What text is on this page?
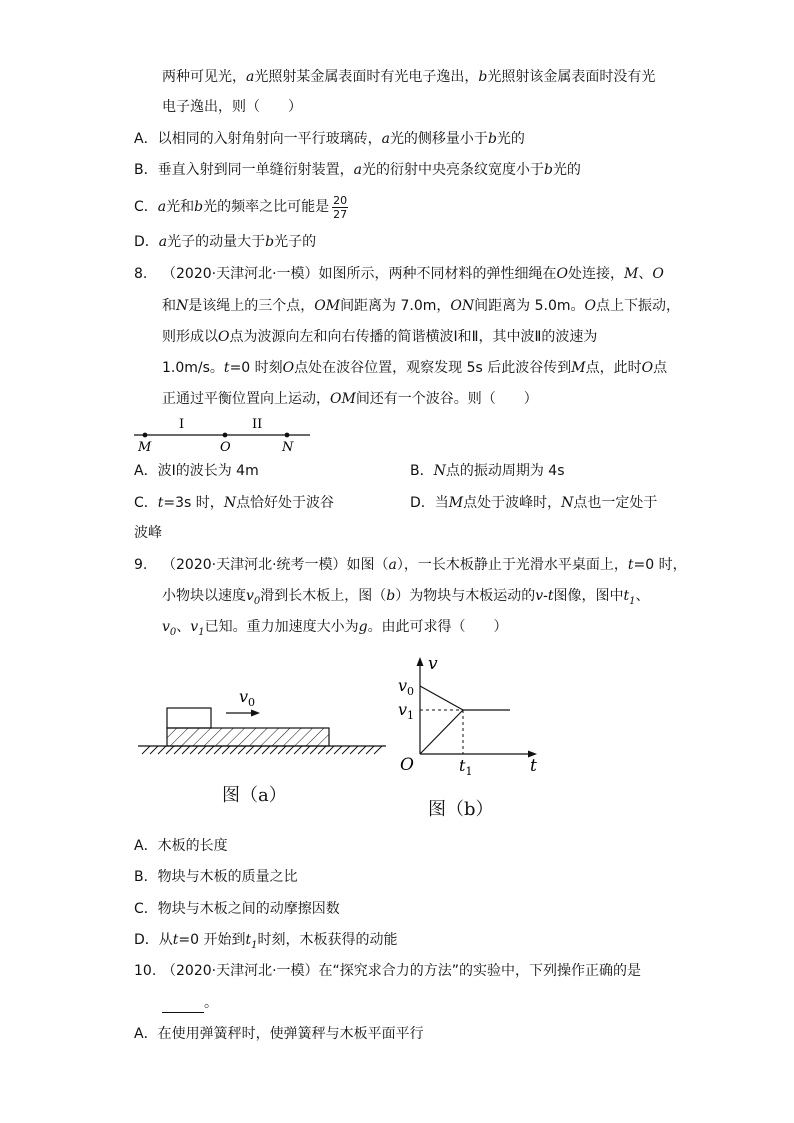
两种可见光，a光照射某金属表面时有光电子逸出，b光照射该金属表面时没有光
电子逸出，则（　　）
A．以相同的入射角射向一平行玻璃砖，a光的侧移量小于b光的
B．垂直入射到同一单缝衍射装置，a光的衍射中央亮条纹宽度小于b光的
C．a光和b光的频率之比可能是 $\frac{20}{27}$
D．a光子的动量大于b光子的
8. （2020·天津河北·一模）如图所示，两种不同材料的弹性细绳在O处连接，M、O
和N是该绳上的三个点，OM间距离为 7.0m，ON间距离为 5.0m。O点上下振动，
则形成以O点为波源向左和向右传播的简谐横波Ⅰ和Ⅱ，其中波Ⅱ的波速为
1.0m/s。t=0 时刻O点处在波谷位置，观察发现 5s 后此波谷传到M点，此时O点
正通过平衡位置向上运动，OM间还有一个波谷。则（　　）
I	II
M	O	N
A．波Ⅰ的波长为 4m	B．N点的振动周期为 4s
C．t=3s 时，N点恰好处于波谷	D．当M点处于波峰时，N点也一定处于
波峰
9. （2020·天津河北·统考一模）如图（a），一长木板静止于光滑水平桌面上，t=0 时，
小物块以速度$v_0$滑到长木板上，图（b）为物块与木板运动的v-t图像，图中$t_1$、
$v_0$、$v_1$已知。重力加速度大小为g。由此可求得（　　）
$v_0$
图（a）
v
t
O
$v_0$
$v_1$
$t_1$
图（b）
A．木板的长度
B．物块与木板的质量之比
C．物块与木板之间的动摩擦因数
D．从t=0 开始到$t_1$时刻，木板获得的动能
10. （2020·天津河北·一模）在“探究求合力的方法”的实验中，下列操作正确的是
。
A．在使用弹簧秤时，使弹簧秤与木板平面平行
